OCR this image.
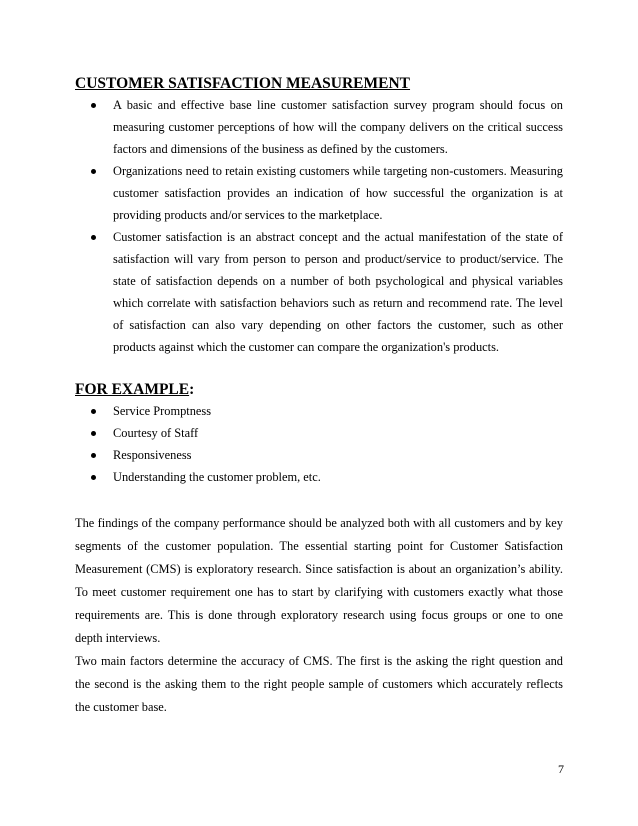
CUSTOMER SATISFACTION MEASUREMENT
A basic and effective base line customer satisfaction survey program should focus on measuring customer perceptions of how will the company delivers on the critical success factors and dimensions of the business as defined by the customers.
Organizations need to retain existing customers while targeting non-customers. Measuring customer satisfaction provides an indication of how successful the organization is at providing products and/or services to the marketplace.
Customer satisfaction is an abstract concept and the actual manifestation of the state of satisfaction will vary from person to person and product/service to product/service. The state of satisfaction depends on a number of both psychological and physical variables which correlate with satisfaction behaviors such as return and recommend rate. The level of satisfaction can also vary depending on other factors the customer, such as other products against which the customer can compare the organization's products.
FOR EXAMPLE:
Service Promptness
Courtesy of Staff
Responsiveness
Understanding the customer problem, etc.

The findings of the company performance should be analyzed both with all customers and by key segments of the customer population. The essential starting point for Customer Satisfaction Measurement (CMS) is exploratory research. Since satisfaction is about an organization’s ability. To meet customer requirement one has to start by clarifying with customers exactly what those requirements are. This is done through exploratory research using focus groups or one to one depth interviews.

Two main factors determine the accuracy of CMS. The first is the asking the right question and the second is the asking them to the right people sample of customers which accurately reflects the customer base.

7
